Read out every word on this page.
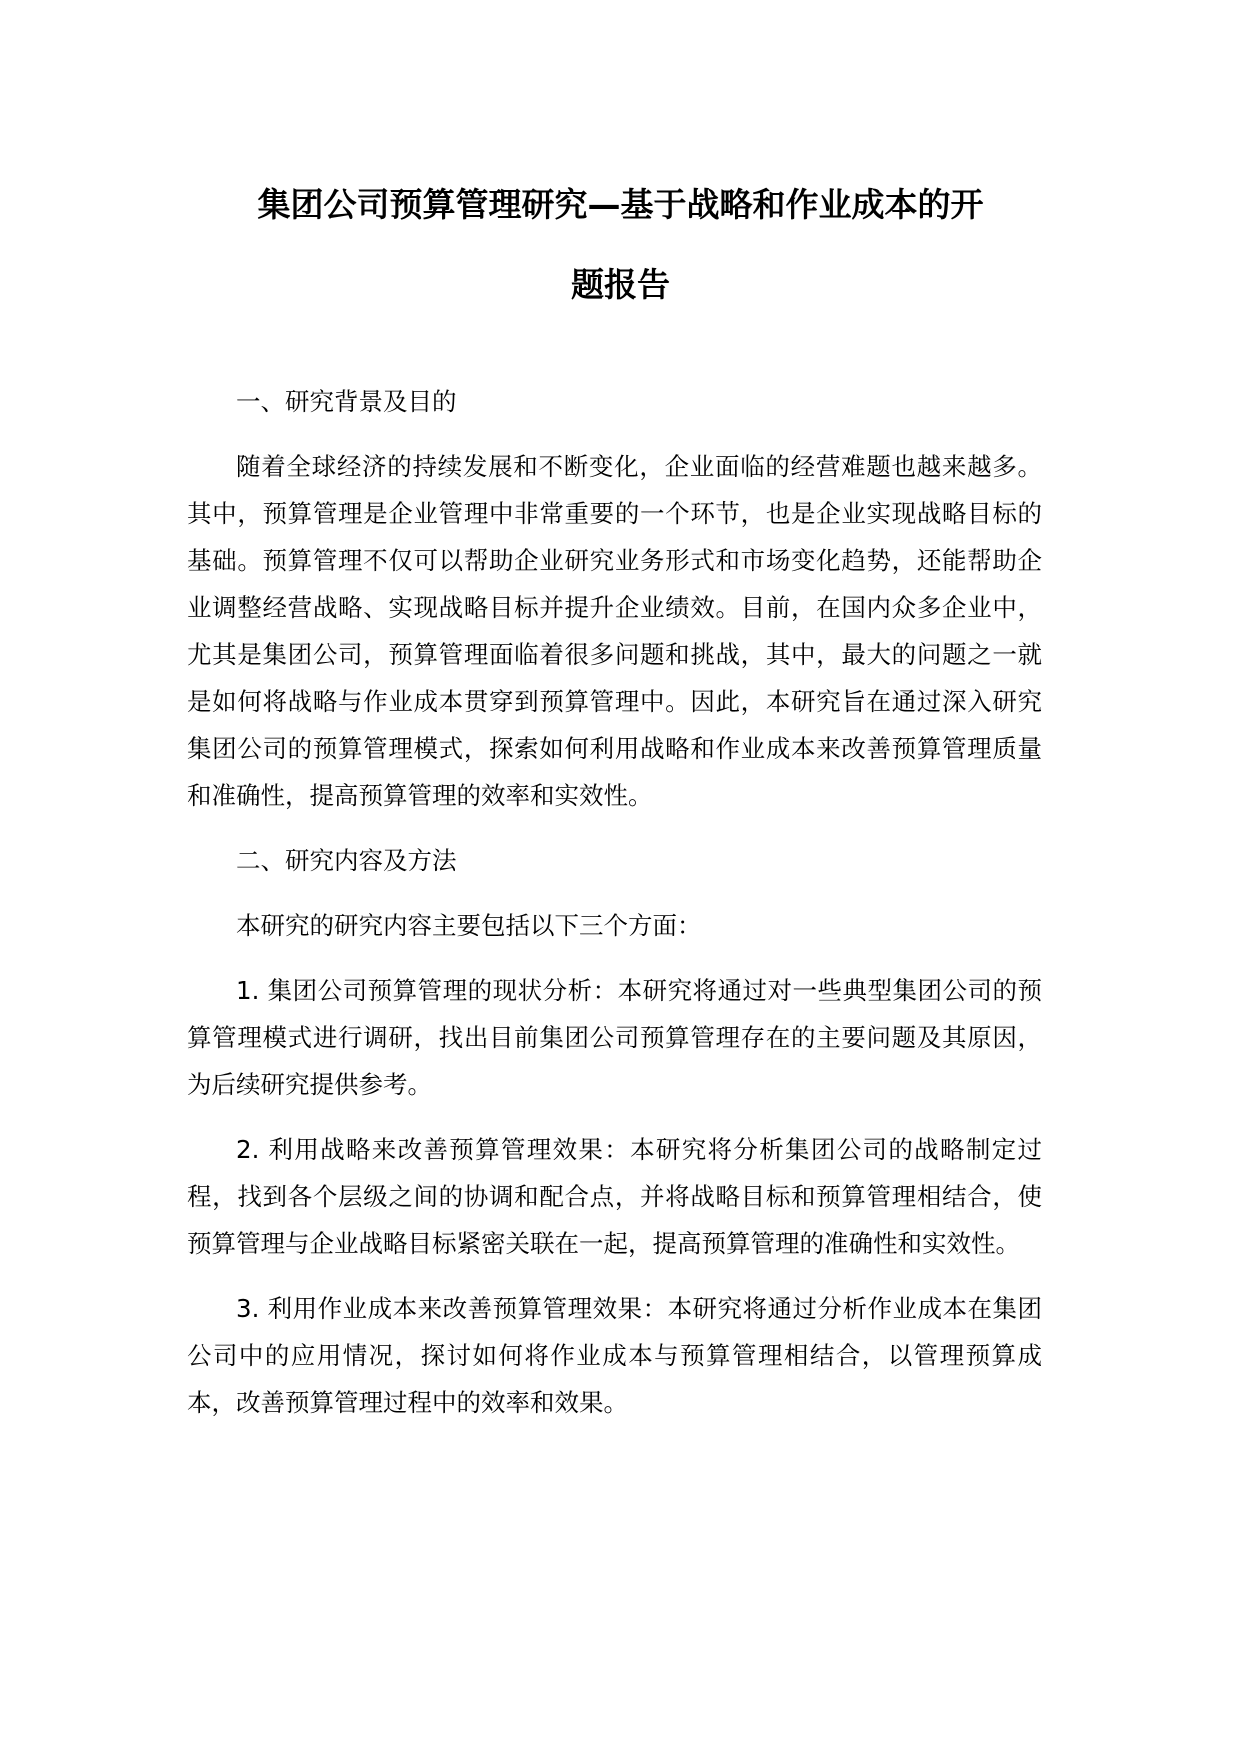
集团公司预算管理研究—基于战略和作业成本的开
题报告

一、研究背景及目的

随着全球经济的持续发展和不断变化，企业面临的经营难题也越来越多。其中，预算管理是企业管理中非常重要的一个环节，也是企业实现战略目标的基础。预算管理不仅可以帮助企业研究业务形式和市场变化趋势，还能帮助企业调整经营战略、实现战略目标并提升企业绩效。目前，在国内众多企业中，尤其是集团公司，预算管理面临着很多问题和挑战，其中，最大的问题之一就是如何将战略与作业成本贯穿到预算管理中。因此，本研究旨在通过深入研究集团公司的预算管理模式，探索如何利用战略和作业成本来改善预算管理质量和准确性，提高预算管理的效率和实效性。

二、研究内容及方法

本研究的研究内容主要包括以下三个方面：

1. 集团公司预算管理的现状分析：本研究将通过对一些典型集团公司的预算管理模式进行调研，找出目前集团公司预算管理存在的主要问题及其原因，为后续研究提供参考。

2. 利用战略来改善预算管理效果：本研究将分析集团公司的战略制定过程，找到各个层级之间的协调和配合点，并将战略目标和预算管理相结合，使预算管理与企业战略目标紧密关联在一起，提高预算管理的准确性和实效性。

3. 利用作业成本来改善预算管理效果：本研究将通过分析作业成本在集团公司中的应用情况，探讨如何将作业成本与预算管理相结合，以管理预算成本，改善预算管理过程中的效率和效果。
